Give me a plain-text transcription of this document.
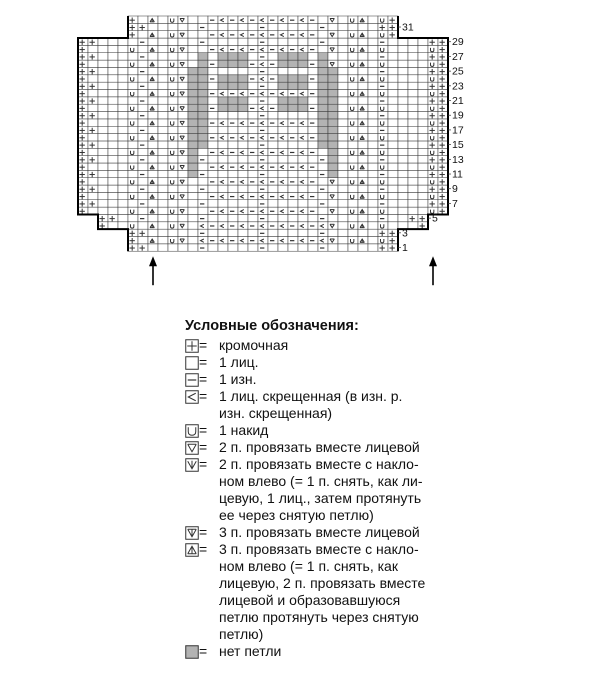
1
3
5
7
9
11
13
15
17
19
21
23
25
27
29
31
Условные обозначения:
= кромочная
= 1 лиц.
= 1 изн.
= 1 лиц. скрещенная (в изн. р.
изн. скрещенная)
= 1 накид
= 2 п. провязать вместе лицевой
= 2 п. провязать вместе с накло-
ном влево (= 1 п. снять, как ли-
цевую, 1 лиц., затем протянуть
ее через снятую петлю)
= 3 п. провязать вместе лицевой
= 3 п. провязать вместе с накло-
ном влево (= 1 п. снять, как
лицевую, 2 п. провязать вместе
лицевой и образовавшуюся
петлю протянуть через снятую
петлю)
= нет петли
